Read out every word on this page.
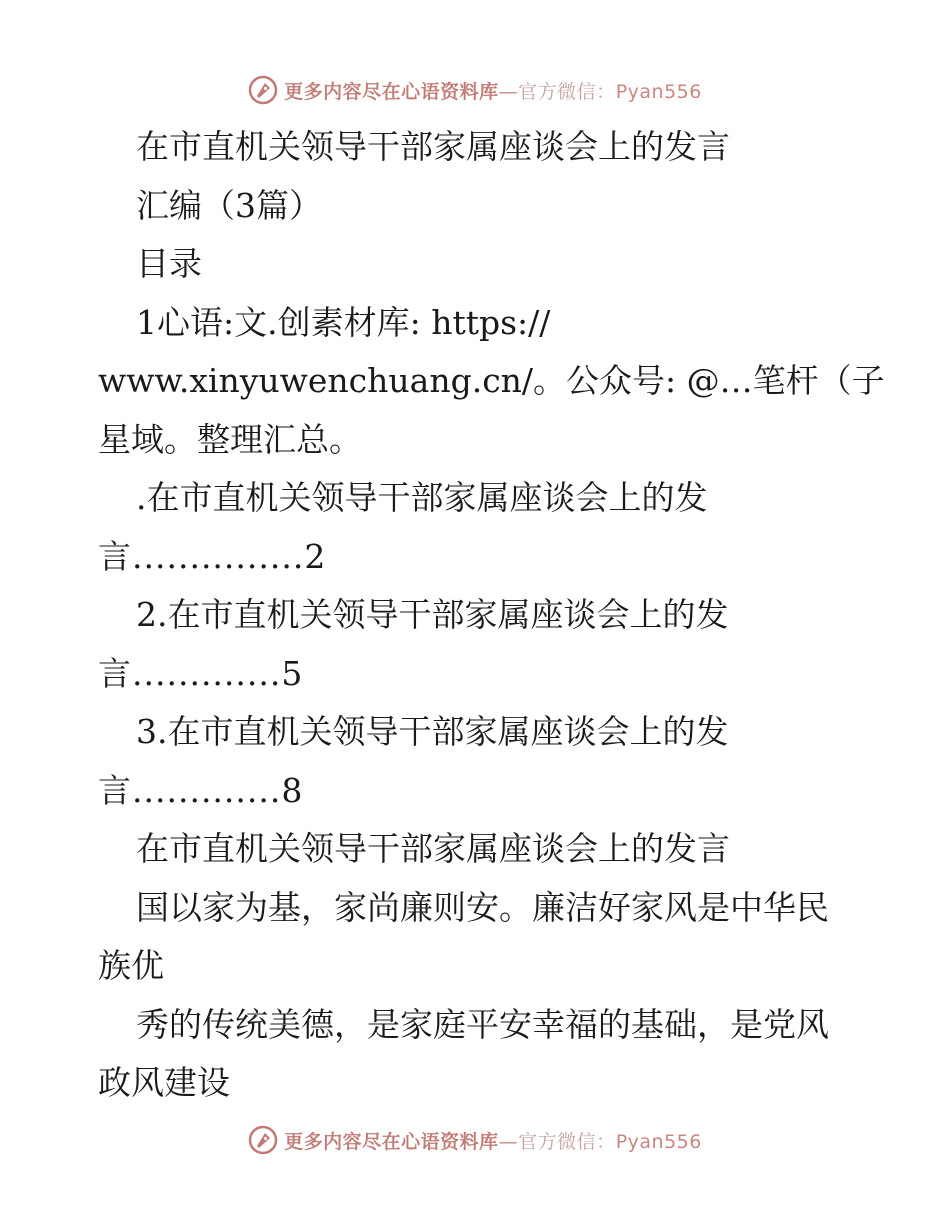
更多内容尽在心语资料库—官方微信：Pyan556
在市直机关领导干部家属座谈会上的发言
汇编（3篇）
目录
1心语:文.创素材库: https://
www.xinyuwenchuang.cn/。公众号: @…笔杆（子
星域。整理汇总。
.在市直机关领导干部家属座谈会上的发
言...............2
2.在市直机关领导干部家属座谈会上的发
言.............5
3.在市直机关领导干部家属座谈会上的发
言.............8
在市直机关领导干部家属座谈会上的发言
国以家为基，家尚廉则安。廉洁好家风是中华民
族优
秀的传统美德，是家庭平安幸福的基础，是党风
政风建设
更多内容尽在心语资料库—官方微信：Pyan556
